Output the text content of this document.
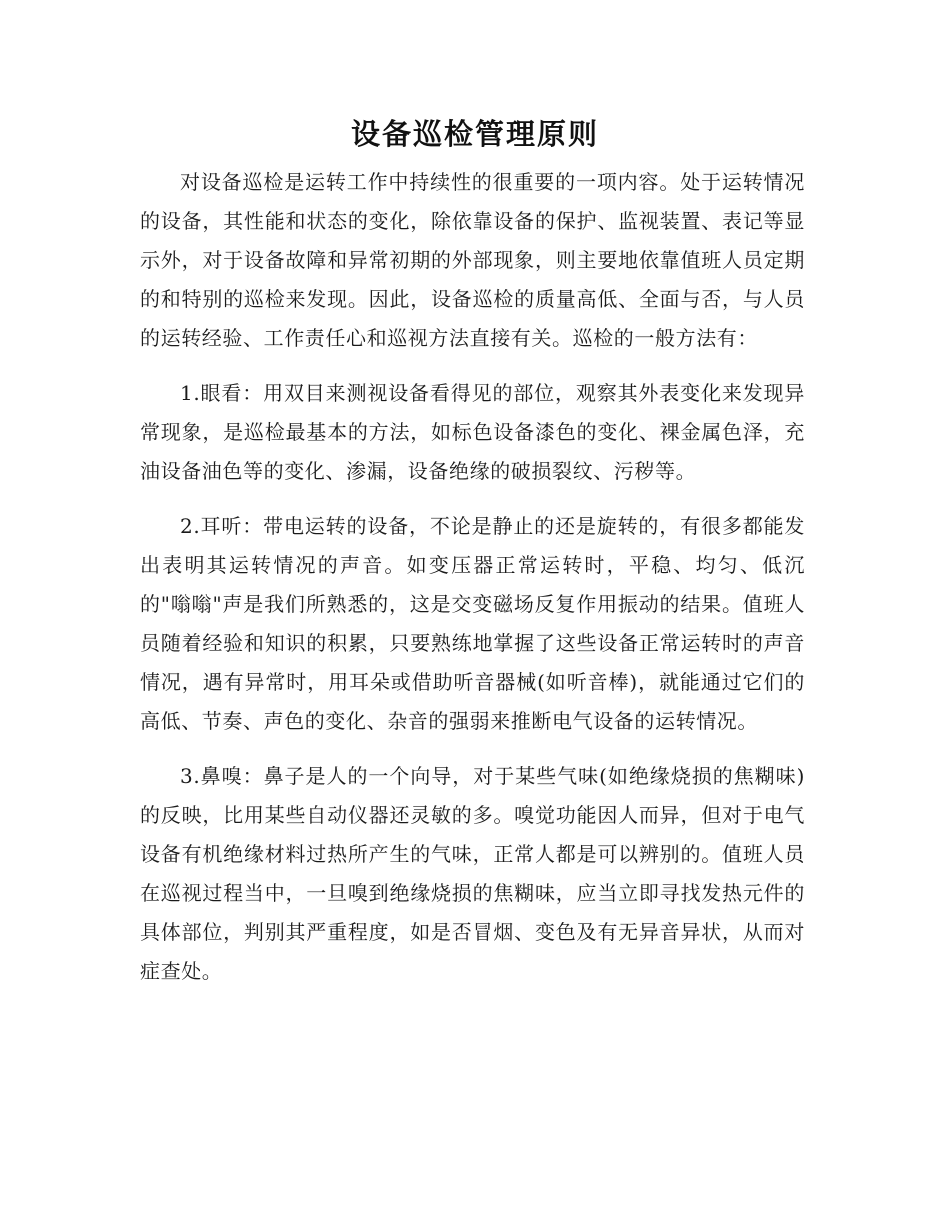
设备巡检管理原则

对设备巡检是运转工作中持续性的很重要的一项内容。处于运转情况的设备，其性能和状态的变化，除依靠设备的保护、监视装置、表记等显示外，对于设备故障和异常初期的外部现象，则主要地依靠值班人员定期的和特别的巡检来发现。因此，设备巡检的质量高低、全面与否，与人员的运转经验、工作责任心和巡视方法直接有关。巡检的一般方法有：

1.眼看：用双目来测视设备看得见的部位，观察其外表变化来发现异常现象，是巡检最基本的方法，如标色设备漆色的变化、裸金属色泽，充油设备油色等的变化、渗漏，设备绝缘的破损裂纹、污秽等。

2.耳听：带电运转的设备，不论是静止的还是旋转的，有很多都能发出表明其运转情况的声音。如变压器正常运转时，平稳、均匀、低沉的"嗡嗡"声是我们所熟悉的，这是交变磁场反复作用振动的结果。值班人员随着经验和知识的积累，只要熟练地掌握了这些设备正常运转时的声音情况，遇有异常时，用耳朵或借助听音器械(如听音棒)，就能通过它们的高低、节奏、声色的变化、杂音的强弱来推断电气设备的运转情况。

3.鼻嗅：鼻子是人的一个向导，对于某些气味(如绝缘烧损的焦糊味)的反映，比用某些自动仪器还灵敏的多。嗅觉功能因人而异，但对于电气设备有机绝缘材料过热所产生的气味，正常人都是可以辨别的。值班人员在巡视过程当中，一旦嗅到绝缘烧损的焦糊味，应当立即寻找发热元件的具体部位，判别其严重程度，如是否冒烟、变色及有无异音异状，从而对症查处。
